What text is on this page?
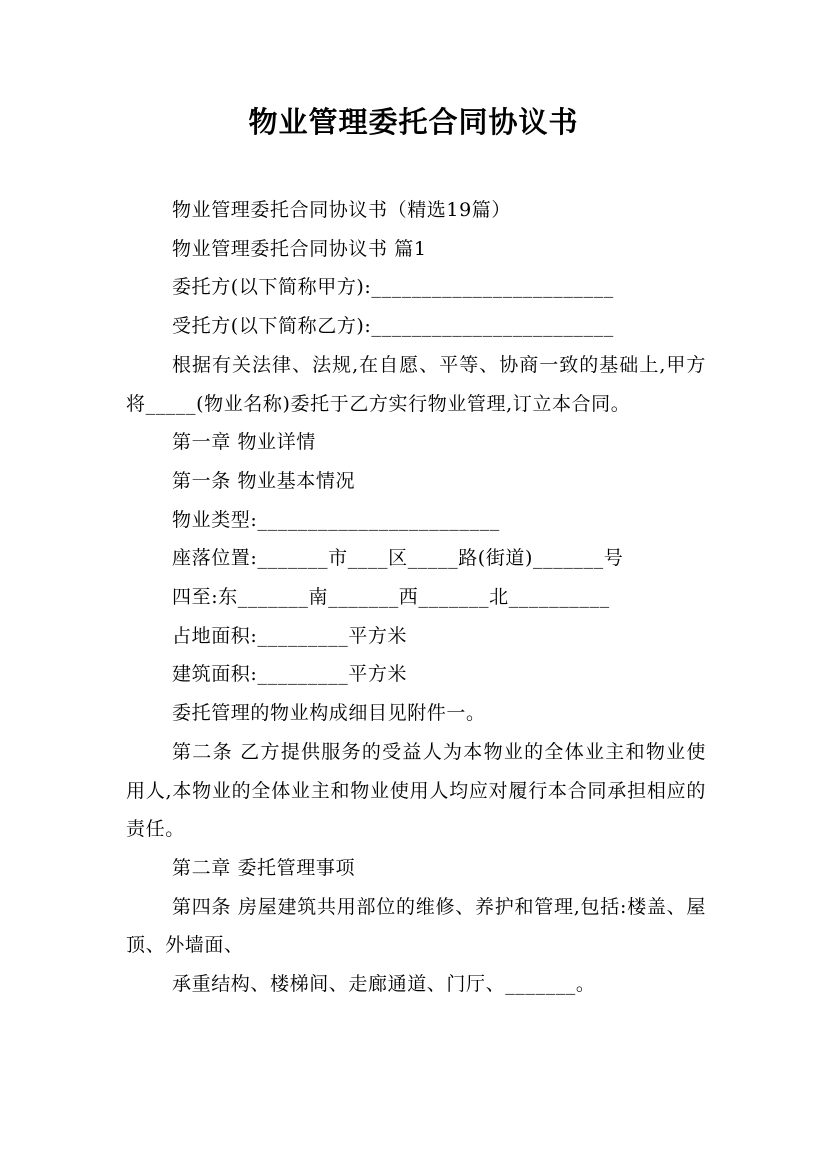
物业管理委托合同协议书

物业管理委托合同协议书（精选19篇）

物业管理委托合同协议书 篇1

委托方(以下简称甲方):________________________

受托方(以下简称乙方):________________________

根据有关法律、法规,在自愿、平等、协商一致的基础上,甲方将_____(物业名称)委托于乙方实行物业管理,订立本合同。

第一章 物业详情

第一条 物业基本情况

物业类型:________________________

座落位置:_______市____区_____路(街道)_______号

四至:东_______南_______西_______北__________

占地面积:_________平方米

建筑面积:_________平方米

委托管理的物业构成细目见附件一。

第二条 乙方提供服务的受益人为本物业的全体业主和物业使用人,本物业的全体业主和物业使用人均应对履行本合同承担相应的责任。

第二章 委托管理事项

第四条 房屋建筑共用部位的维修、养护和管理,包括:楼盖、屋顶、外墙面、

承重结构、楼梯间、走廊通道、门厅、_______。
